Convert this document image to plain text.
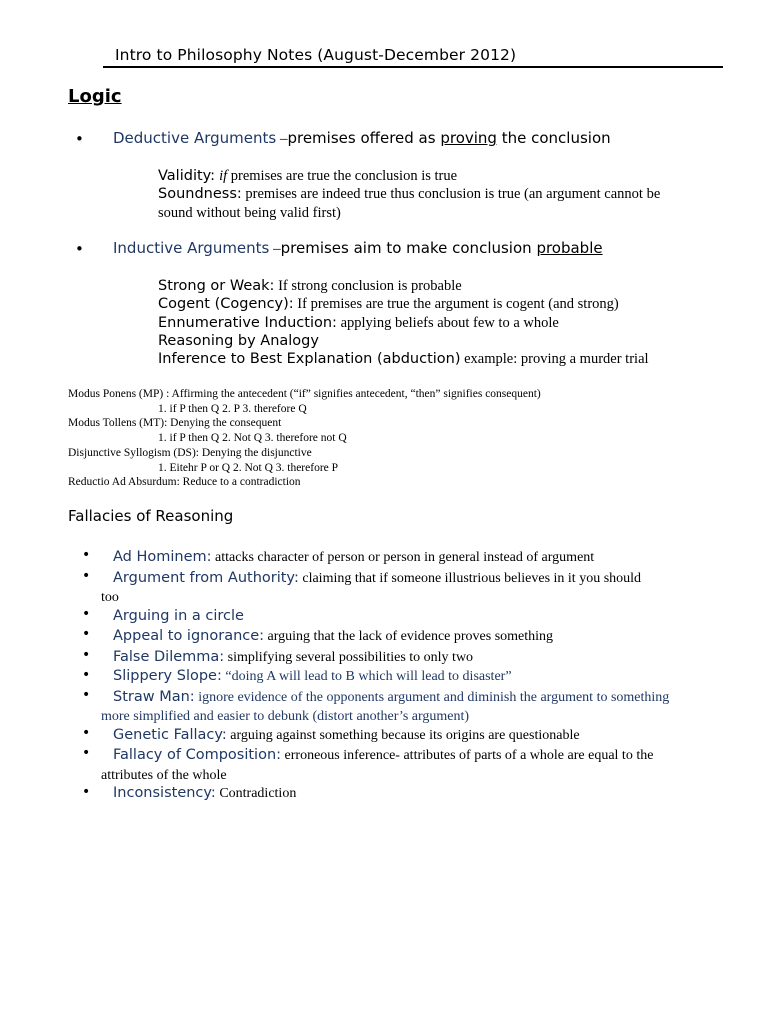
Intro to Philosophy Notes (August-December 2012)
Logic
• Deductive Arguments –premises offered as proving the conclusion
Validity: if premises are true the conclusion is true
Soundness: premises are indeed true thus conclusion is true (an argument cannot be
sound without being valid first)
• Inductive Arguments –premises aim to make conclusion probable
Strong or Weak: If strong conclusion is probable
Cogent (Cogency): If premises are true the argument is cogent (and strong)
Ennumerative Induction: applying beliefs about few to a whole
Reasoning by Analogy
Inference to Best Explanation (abduction) example: proving a murder trial
Modus Ponens (MP) : Affirming the antecedent (“if” signifies antecedent, “then” signifies consequent)
1. if P then Q 2. P 3. therefore Q
Modus Tollens (MT): Denying the consequent
1. if P then Q 2. Not Q 3. therefore not Q
Disjunctive Syllogism (DS): Denying the disjunctive
1. Eitehr P or Q 2. Not Q 3. therefore P
Reductio Ad Absurdum: Reduce to a contradiction
Fallacies of Reasoning
• Ad Hominem: attacks character of person or person in general instead of argument
• Argument from Authority: claiming that if someone illustrious believes in it you should
too
• Arguing in a circle
• Appeal to ignorance: arguing that the lack of evidence proves something
• False Dilemma: simplifying several possibilities to only two
• Slippery Slope: “doing A will lead to B which will lead to disaster”
• Straw Man: ignore evidence of the opponents argument and diminish the argument to something
more simplified and easier to debunk (distort another’s argument)
• Genetic Fallacy: arguing against something because its origins are questionable
• Fallacy of Composition: erroneous inference- attributes of parts of a whole are equal to the
attributes of the whole
• Inconsistency: Contradiction
